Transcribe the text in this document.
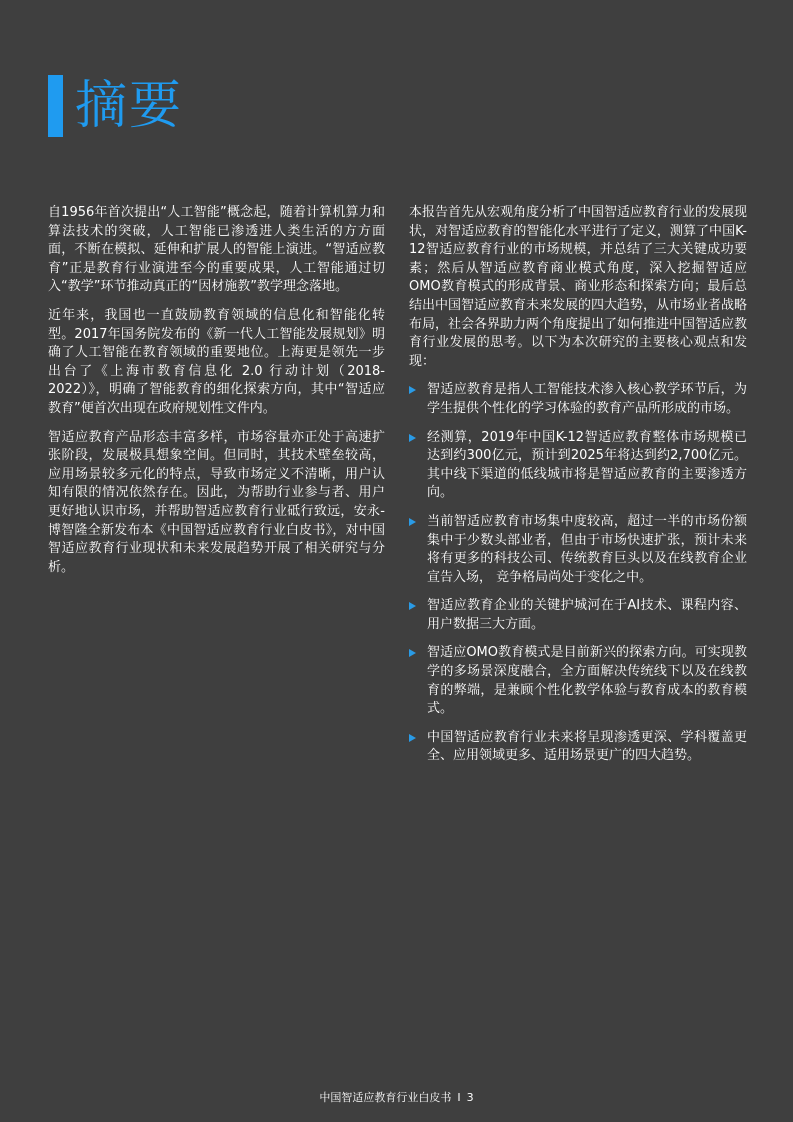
摘要

自1956年首次提出“人工智能”概念起，随着计算机算力和算法技术的突破，人工智能已渗透进人类生活的方方面面，不断在模拟、延伸和扩展人的智能上演进。“智适应教育”正是教育行业演进至今的重要成果，人工智能通过切入“教学”环节推动真正的“因材施教”教学理念落地。

近年来，我国也一直鼓励教育领域的信息化和智能化转型。2017年国务院发布的《新一代人工智能发展规划》明确了人工智能在教育领域的重要地位。上海更是领先一步出台了《上海市教育信息化 2.0 行动计划（2018-2022）》，明确了智能教育的细化探索方向，其中“智适应教育”便首次出现在政府规划性文件内。

智适应教育产品形态丰富多样，市场容量亦正处于高速扩张阶段，发展极具想象空间。但同时，其技术壁垒较高，应用场景较多元化的特点，导致市场定义不清晰，用户认知有限的情况依然存在。因此，为帮助行业参与者、用户更好地认识市场，并帮助智适应教育行业砥行致远，安永-博智隆全新发布本《中国智适应教育行业白皮书》，对中国智适应教育行业现状和未来发展趋势开展了相关研究与分析。

本报告首先从宏观角度分析了中国智适应教育行业的发展现状，对智适应教育的智能化水平进行了定义，测算了中国K-12智适应教育行业的市场规模，并总结了三大关键成功要素；然后从智适应教育商业模式角度，深入挖掘智适应OMO教育模式的形成背景、商业形态和探索方向；最后总结出中国智适应教育未来发展的四大趋势，从市场业者战略布局，社会各界助力两个角度提出了如何推进中国智适应教育行业发展的思考。以下为本次研究的主要核心观点和发现：

智适应教育是指人工智能技术渗入核心教学环节后，为学生提供个性化的学习体验的教育产品所形成的市场。
经测算，2019年中国K-12智适应教育整体市场规模已达到约300亿元，预计到2025年将达到约2,700亿元。其中线下渠道的低线城市将是智适应教育的主要渗透方向。
当前智适应教育市场集中度较高，超过一半的市场份额集中于少数头部业者，但由于市场快速扩张，预计未来将有更多的科技公司、传统教育巨头以及在线教育企业宣告入场， 竞争格局尚处于变化之中。
智适应教育企业的关键护城河在于AI技术、课程内容、用户数据三大方面。
智适应OMO教育模式是目前新兴的探索方向。可实现教学的多场景深度融合，全方面解决传统线下以及在线教育的弊端，是兼顾个性化教学体验与教育成本的教育模式。
中国智适应教育行业未来将呈现渗透更深、学科覆盖更全、应用领域更多、适用场景更广的四大趋势。
中国智适应教育行业白皮书 I 3
